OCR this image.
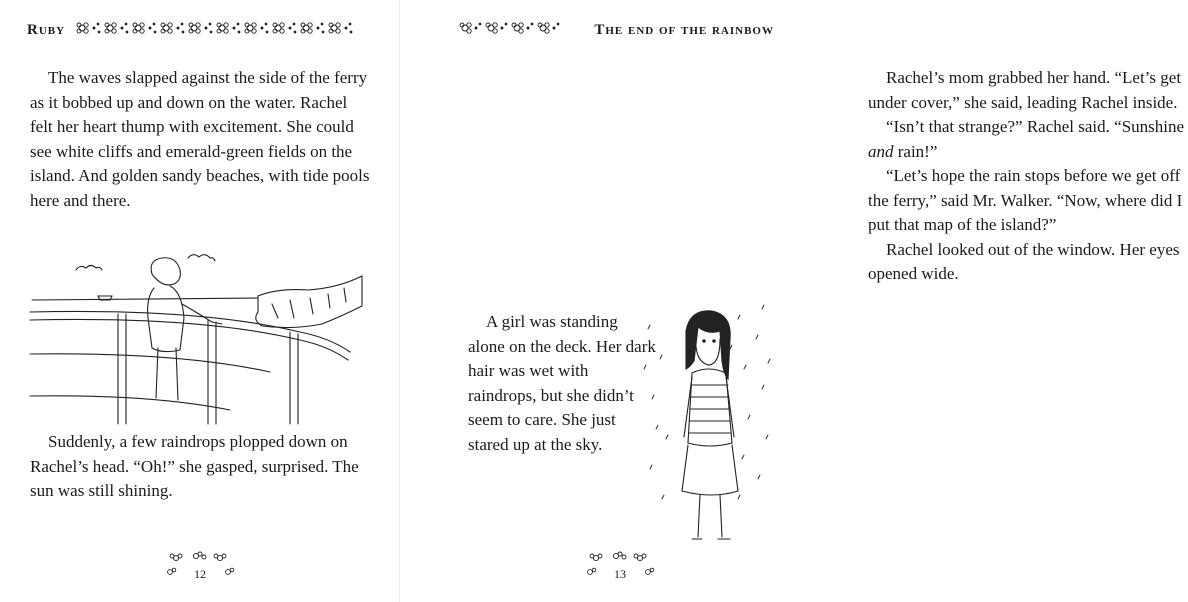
Ruby

The waves slapped against the side of the ferry as it bobbed up and down on the water. Rachel felt her heart thump with excitement. She could see white cliffs and emerald-green fields on the island. And golden sandy beaches, with tide pools here and there.

Suddenly, a few raindrops plopped down on Rachel’s head. “Oh!” she gasped, surprised. The sun was still shining.

12
The end of the rainbow

Rachel’s mom grabbed her hand. “Let’s get under cover,” she said, leading Rachel inside.

“Isn’t that strange?” Rachel said. “Sunshine and rain!”

“Let’s hope the rain stops before we get off the ferry,” said Mr. Walker. “Now, where did I put that map of the island?”

Rachel looked out of the window. Her eyes opened wide.

A girl was standing alone on the deck. Her dark hair was wet with raindrops, but she didn’t seem to care. She just stared up at the sky.

13
